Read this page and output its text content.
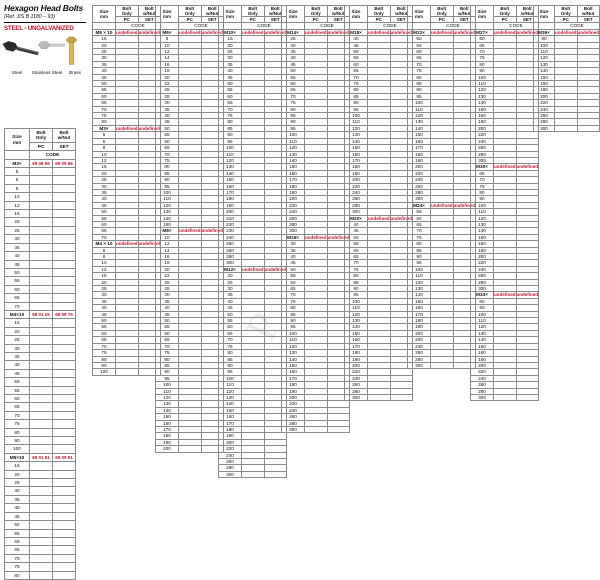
Hexagon Head Bolts
(Ref. JIS B 1180 – 93)
STEEL - UNGALVANIZED
Steel	Stainless Steel	Brass
Size
mm	Bolt
Only	Bolt
w/Nut
	PC	SET
	CODE	
M3×	69 09 06	69 09 66
5		
6		
8		
10		
12		
15		
20		
25		
30		
35		
40		
45		
50		
55		
60		
65		
70		
M4×10	69 01 25	69 09 75
15		
20		
25		
30		
35		
40		
45		
50		
55		
60		
65		
70		
75		
80		
90		
100		
M5×10	69 01 51	69 09 51
15		
20		
25		
30		
35		
40		
45		
50		
55		
60		
65		
70		
75		
80		
P
Size
mm	Bolt
Only	Bolt
w/Nut
	PC	SET
	CODE	
M5 × 10	undefined	undefined
15		
20		
25		
30		
35		
40		
45		
50		
55		
60		
65		
70		
75		
80		
M3×	undefined	undefined
5		
6		
8		
10		
12		
15		
20		
25		
30		
35		
40		
45		
50		
55		
60		
65		
70		
M4 × 10	undefined	undefined
6		
8		
10		
12		
15		
20		
25		
30		
35		
40		
45		
50		
55		
60		
65		
70		
75		
80		
90		
100		
Size
mm	Bolt
Only	Bolt
w/Nut
	PC	SET
	CODE	
M6×	undefined	undefined
8		
10		
12		
14		
16		
18		
20		
22		
25		
28		
30		
35		
40		
45		
50		
55		
60		
65		
70		
75		
80		
85		
90		
95		
100		
110		
120		
130		
140		
150		
M8×	undefined	undefined
10		
12		
14		
16		
18		
20		
22		
25		
28		
30		
35		
40		
45		
50		
55		
60		
65		
70		
75		
80		
85		
90		
95		
100		
110		
120		
130		
140		
150		
160		
170		
180		
190		
200		
Size
mm	Bolt
Only	Bolt
w/Nut
	PC	SET
	CODE	
M10×	undefined	undefined
15		
20		
25		
30		
35		
40		
45		
50		
55		
60		
65		
70		
75		
80		
85		
90		
95		
100		
110		
120		
130		
140		
150		
160		
170		
180		
190		
200		
210		
220		
230		
240		
250		
260		
280		
300		
M12×	undefined	undefined
20		
25		
30		
35		
40		
45		
50		
55		
60		
65		
70		
75		
80		
85		
90		
95		
100		
110		
120		
130		
140		
150		
160		
170		
180		
190		
200		
220		
240		
260		
280		
300		
Size
mm	Bolt
Only	Bolt
w/Nut
	PC	SET
	CODE	
M14×	undefined	undefined
25		
30		
35		
40		
45		
50		
55		
60		
65		
70		
75		
80		
85		
90		
95		
100		
110		
120		
130		
140		
150		
160		
170		
180		
190		
200		
220		
240		
260		
280		
300		
M16×	undefined	undefined
30		
35		
40		
45		
50		
55		
60		
65		
70		
75		
80		
85		
90		
95		
100		
110		
120		
130		
140		
150		
160		
170		
180		
190		
200		
220		
240		
260		
280		
300		
Size
mm	Bolt
Only	Bolt
w/Nut
	PC	SET
	CODE	
M18×	undefined	undefined
40		
45		
50		
55		
60		
65		
70		
75		
80		
85		
90		
95		
100		
110		
120		
130		
140		
150		
160		
170		
180		
190		
200		
220		
240		
260		
280		
300		
M20×	undefined	undefined
40		
45		
50		
55		
60		
65		
70		
75		
80		
85		
90		
95		
100		
110		
120		
130		
140		
150		
160		
170		
180		
190		
200		
220		
240		
260		
280		
300		
Size
mm	Bolt
Only	Bolt
w/Nut
	PC	SET
	CODE	
M22×	undefined	undefined
50		
55		
60		
65		
70		
75		
80		
85		
90		
95		
100		
110		
120		
130		
140		
150		
160		
170		
180		
190		
200		
220		
240		
260		
280		
300		
M24×	undefined	undefined
55		
60		
65		
70		
75		
80		
85		
90		
95		
100		
110		
120		
130		
140		
150		
160		
170		
180		
190		
200		
220		
240		
260		
280		
300		
Size
mm	Bolt
Only	Bolt
w/Nut
	PC	SET
	CODE	
M27×	undefined	undefined
60		
65		
70		
75		
80		
90		
100		
110		
120		
130		
140		
150		
160		
180		
200		
220		
240		
260		
280		
300		
M30×	undefined	undefined
65		
70		
75		
80		
90		
100		
110		
120		
130		
140		
150		
160		
180		
200		
220		
240		
260		
280		
300		
M33×	undefined	undefined
80		
90		
100		
110		
120		
130		
140		
150		
160		
180		
200		
220		
240		
260		
280		
300		
Size
mm	Bolt
Only	Bolt
w/Nut
	PC	SET
	CODE	
M36×	undefined	undefined
90		
100		
110		
120		
130		
140		
150		
160		
180		
200		
220		
240		
260		
280		
300		
